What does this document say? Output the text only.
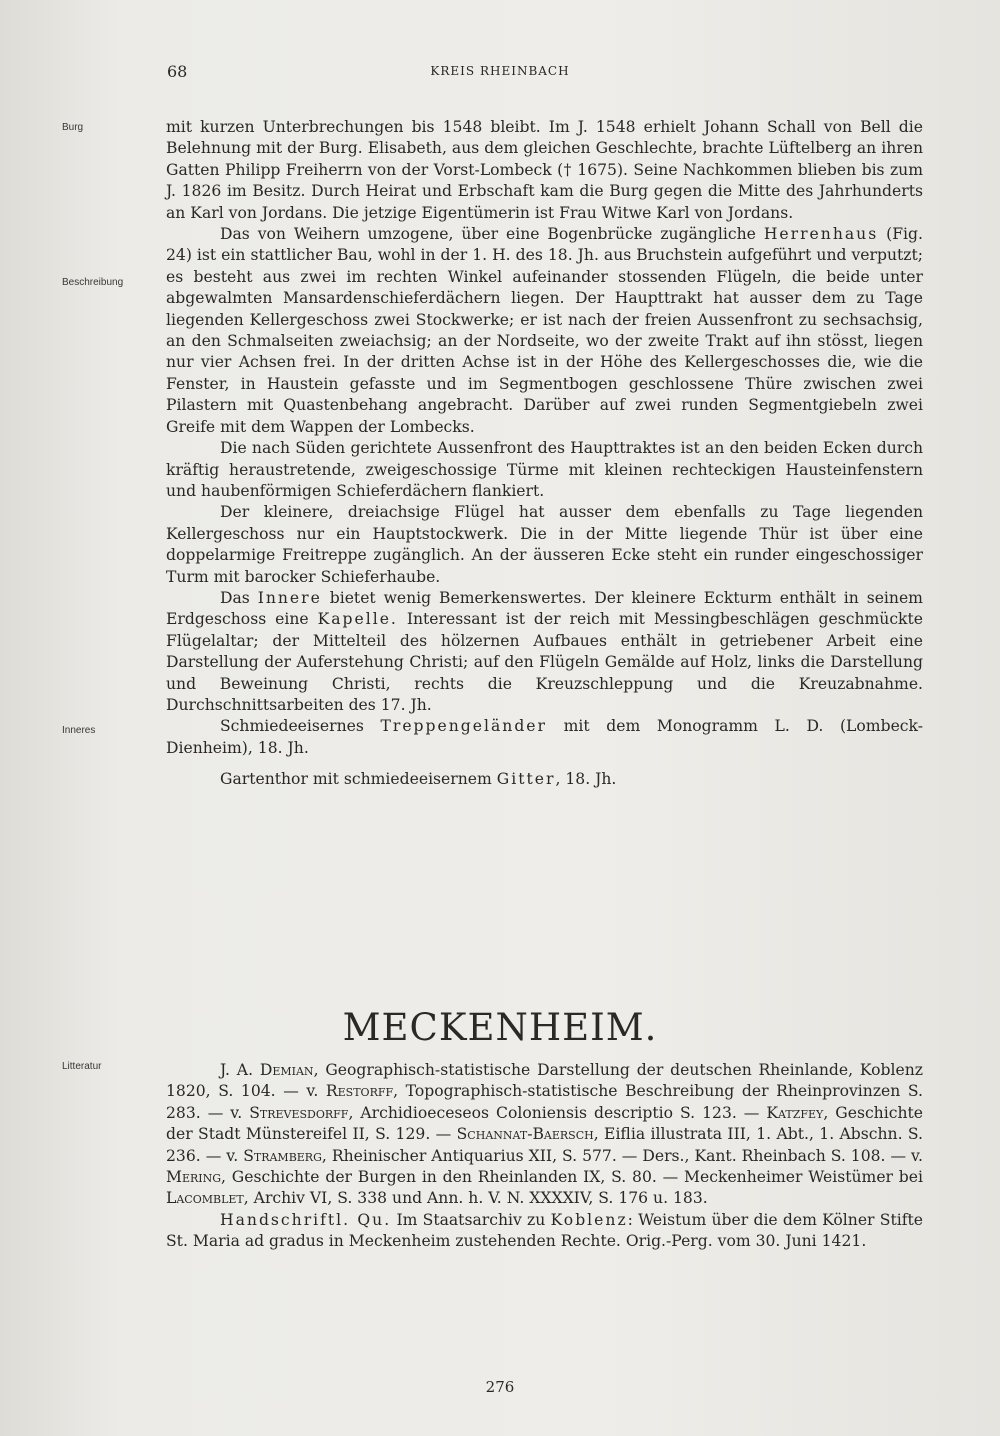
68	KREIS RHEINBACH
Burg
Beschreibung
Inneres
Litteratur

mit kurzen Unterbrechungen bis 1548 bleibt. Im J. 1548 erhielt Johann Schall von Bell die Belehnung mit der Burg. Elisabeth, aus dem gleichen Geschlechte, brachte Lüftelberg an ihren Gatten Philipp Freiherrn von der Vorst-Lombeck († 1675). Seine Nachkommen blieben bis zum J. 1826 im Besitz. Durch Heirat und Erbschaft kam die Burg gegen die Mitte des Jahrhunderts an Karl von Jordans. Die jetzige Eigentümerin ist Frau Witwe Karl von Jordans.

Das von Weihern umzogene, über eine Bogenbrücke zugängliche Herrenhaus (Fig. 24) ist ein stattlicher Bau, wohl in der 1. H. des 18. Jh. aus Bruchstein aufgeführt und verputzt; es besteht aus zwei im rechten Winkel aufeinander stossenden Flügeln, die beide unter abgewalmten Mansardenschieferdächern liegen. Der Haupttrakt hat ausser dem zu Tage liegenden Kellergeschoss zwei Stockwerke; er ist nach der freien Aussenfront zu sechsachsig, an den Schmalseiten zweiachsig; an der Nordseite, wo der zweite Trakt auf ihn stösst, liegen nur vier Achsen frei. In der dritten Achse ist in der Höhe des Kellergeschosses die, wie die Fenster, in Haustein gefasste und im Segmentbogen geschlossene Thüre zwischen zwei Pilastern mit Quastenbehang angebracht. Darüber auf zwei runden Segmentgiebeln zwei Greife mit dem Wappen der Lombecks.

Die nach Süden gerichtete Aussenfront des Haupttraktes ist an den beiden Ecken durch kräftig heraustretende, zweigeschossige Türme mit kleinen rechteckigen Hausteinfenstern und haubenförmigen Schieferdächern flankiert.

Der kleinere, dreiachsige Flügel hat ausser dem ebenfalls zu Tage liegenden Kellergeschoss nur ein Hauptstockwerk. Die in der Mitte liegende Thür ist über eine doppelarmige Freitreppe zugänglich. An der äusseren Ecke steht ein runder eingeschossiger Turm mit barocker Schieferhaube.

Das Innere bietet wenig Bemerkenswertes. Der kleinere Eckturm enthält in seinem Erdgeschoss eine Kapelle. Interessant ist der reich mit Messingbeschlägen geschmückte Flügelaltar; der Mittelteil des hölzernen Aufbaues enthält in getriebener Arbeit eine Darstellung der Auferstehung Christi; auf den Flügeln Gemälde auf Holz, links die Darstellung und Beweinung Christi, rechts die Kreuzschleppung und die Kreuzabnahme. Durchschnittsarbeiten des 17. Jh.

Schmiedeeisernes Treppengeländer mit dem Monogramm L. D. (Lombeck-Dienheim), 18. Jh.

Gartenthor mit schmiedeeisernem Gitter, 18. Jh.

MECKENHEIM.

J. A. Demian, Geographisch-statistische Darstellung der deutschen Rheinlande, Koblenz 1820, S. 104. — v. Restorff, Topographisch-statistische Beschreibung der Rheinprovinzen S. 283. — v. Strevesdorff, Archidioeceseos Coloniensis descriptio S. 123. — Katzfey, Geschichte der Stadt Münstereifel II, S. 129. — Schannat-Baersch, Eiflia illustrata III, 1. Abt., 1. Abschn. S. 236. — v. Stramberg, Rheinischer Antiquarius XII, S. 577. — Ders., Kant. Rheinbach S. 108. — v. Mering, Geschichte der Burgen in den Rheinlanden IX, S. 80. — Meckenheimer Weistümer bei Lacomblet, Archiv VI, S. 338 und Ann. h. V. N. XXXXIV, S. 176 u. 183.

Handschriftl. Qu. Im Staatsarchiv zu Koblenz: Weistum über die dem Kölner Stifte St. Maria ad gradus in Meckenheim zustehenden Rechte. Orig.-Perg. vom 30. Juni 1421.

276
